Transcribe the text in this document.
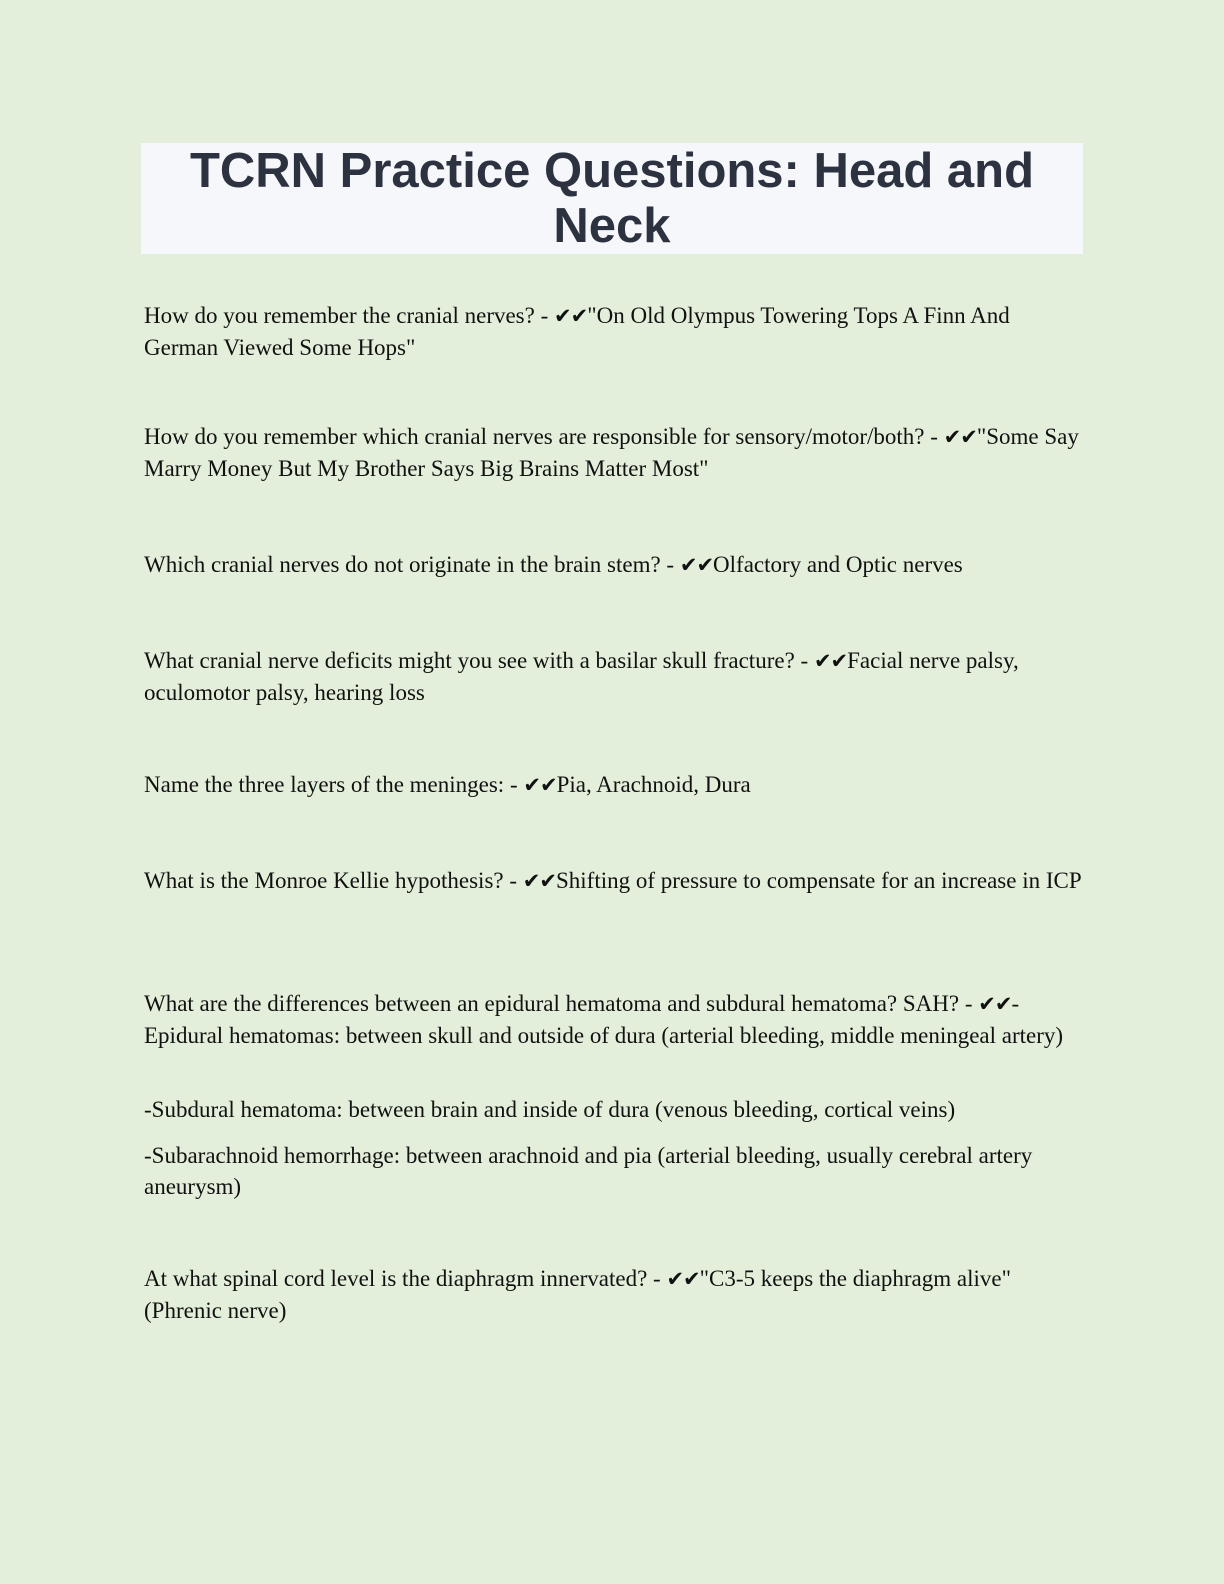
TCRN Practice Questions: Head and Neck

How do you remember the cranial nerves? - ✔✔"On Old Olympus Towering Tops A Finn And German Viewed Some Hops"

How do you remember which cranial nerves are responsible for sensory/motor/both? - ✔✔"Some Say Marry Money But My Brother Says Big Brains Matter Most"

Which cranial nerves do not originate in the brain stem? - ✔✔Olfactory and Optic nerves

What cranial nerve deficits might you see with a basilar skull fracture? - ✔✔Facial nerve palsy, oculomotor palsy, hearing loss

Name the three layers of the meninges: - ✔✔Pia, Arachnoid, Dura

What is the Monroe Kellie hypothesis? - ✔✔Shifting of pressure to compensate for an increase in ICP

What are the differences between an epidural hematoma and subdural hematoma? SAH? - ✔✔-Epidural hematomas: between skull and outside of dura (arterial bleeding, middle meningeal artery)

-Subdural hematoma: between brain and inside of dura (venous bleeding, cortical veins)

-Subarachnoid hemorrhage: between arachnoid and pia (arterial bleeding, usually cerebral artery aneurysm)

At what spinal cord level is the diaphragm innervated? - ✔✔"C3-5 keeps the diaphragm alive" (Phrenic nerve)
